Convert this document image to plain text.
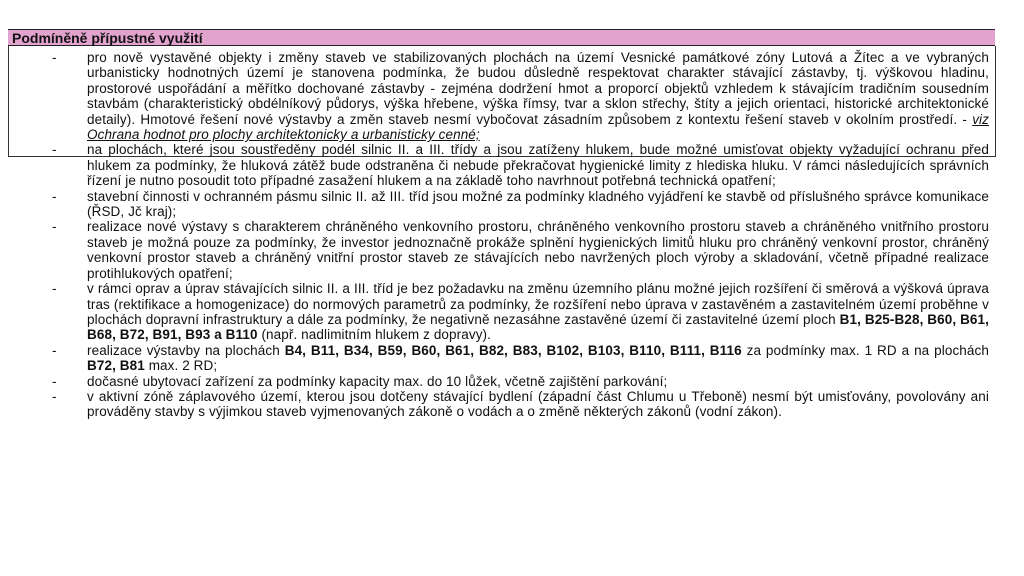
Podmíněně přípustné využití
- pro nově vystavěné objekty i změny staveb ve stabilizovaných plochách na území Vesnické památkové zóny Lutová a Žítec a ve vybraných urbanisticky hodnotných území je stanovena podmínka, že budou důsledně respektovat charakter stávající zástavby, tj. výškovou hladinu, prostorové uspořádání a měřítko dochované zástavby - zejména dodržení hmot a proporcí objektů vzhledem k stávajícím tradičním sousedním stavbám (charakteristický obdélníkový půdorys, výška hřebene, výška římsy, tvar a sklon střechy, štíty a jejich orientaci, historické architektonické detaily). Hmotové řešení nové výstavby a změn staveb nesmí vybočovat zásadním způsobem z kontextu řešení staveb v okolním prostředí. - viz Ochrana hodnot pro plochy architektonicky a urbanisticky cenné;
- na plochách, které jsou soustředěny podél silnic II. a III. třídy a jsou zatíženy hlukem, bude možné umisťovat objekty vyžadující ochranu před hlukem za podmínky, že hluková zátěž bude odstraněna či nebude překračovat hygienické limity z hlediska hluku. V rámci následujících správních řízení je nutno posoudit toto případné zasažení hlukem a na základě toho navrhnout potřebná technická opatření;
- stavební činnosti v ochranném pásmu silnic II. až III. tříd jsou možné za podmínky kladného vyjádření ke stavbě od příslušného správce komunikace (ŘSD, Jč kraj);
- realizace nové výstavy s charakterem chráněného venkovního prostoru, chráněného venkovního prostoru staveb a chráněného vnitřního prostoru staveb je možná pouze za podmínky, že investor jednoznačně prokáže splnění hygienických limitů hluku pro chráněný venkovní prostor, chráněný venkovní prostor staveb a chráněný vnitřní prostor staveb ze stávajících nebo navržených ploch výroby a skladování, včetně případné realizace protihlukových opatření;
- v rámci oprav a úprav stávajících silnic II. a III. tříd je bez požadavku na změnu územního plánu možné jejich rozšíření či směrová a výšková úprava tras (rektifikace a homogenizace) do normových parametrů za podmínky, že rozšíření nebo úprava v zastavěném a zastavitelném území proběhne v plochách dopravní infrastruktury a dále za podmínky, že negativně nezasáhne zastavěné území či zastavitelné území ploch B1, B25-B28, B60, B61, B68, B72, B91, B93 a B110 (např. nadlimitním hlukem z dopravy).
- realizace výstavby na plochách B4, B11, B34, B59, B60, B61, B82, B83, B102, B103, B110, B111, B116 za podmínky max. 1 RD a na plochách B72, B81 max. 2 RD;
- dočasné ubytovací zařízení za podmínky kapacity max. do 10 lůžek, včetně zajištění parkování;
- v aktivní zóně záplavového území, kterou jsou dotčeny stávající bydlení (západní část Chlumu u Třeboně) nesmí být umisťovány, povolovány ani prováděny stavby s výjimkou staveb vyjmenovaných zákoně o vodách a o změně některých zákonů (vodní zákon).
